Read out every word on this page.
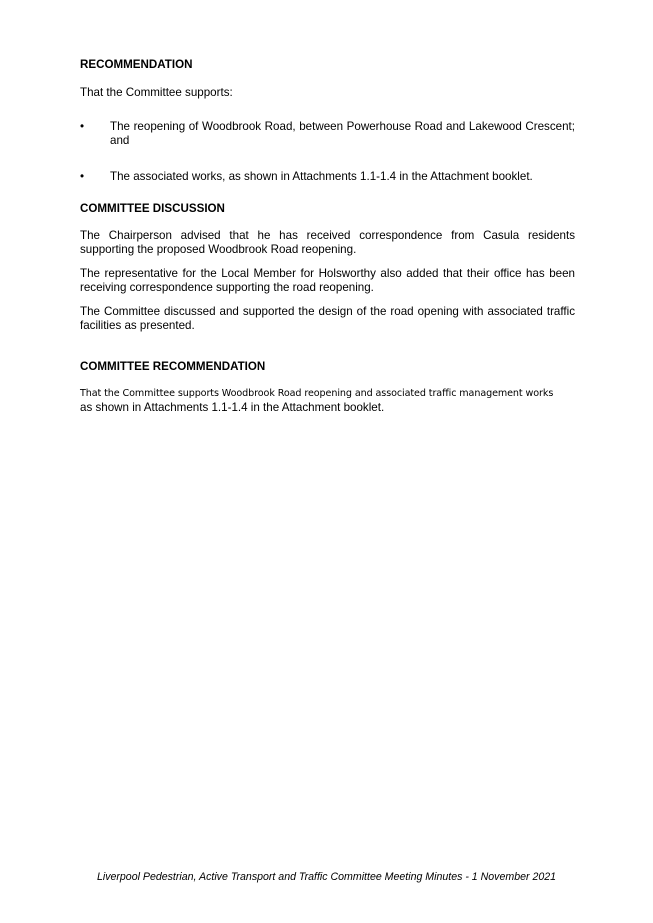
RECOMMENDATION

That the Committee supports:

•	The reopening of Woodbrook Road, between Powerhouse Road and Lakewood Crescent; and
•	The associated works, as shown in Attachments 1.1-1.4 in the Attachment booklet.
COMMITTEE DISCUSSION

The Chairperson advised that he has received correspondence from Casula residents supporting the proposed Woodbrook Road reopening.

The representative for the Local Member for Holsworthy also added that their office has been receiving correspondence supporting the road reopening.

The Committee discussed and supported the design of the road opening with associated traffic facilities as presented.

COMMITTEE RECOMMENDATION

That the Committee supports Woodbrook Road reopening and associated traffic management works

as shown in Attachments 1.1-1.4 in the Attachment booklet.

Liverpool Pedestrian, Active Transport and Traffic Committee Meeting Minutes - 1 November 2021
